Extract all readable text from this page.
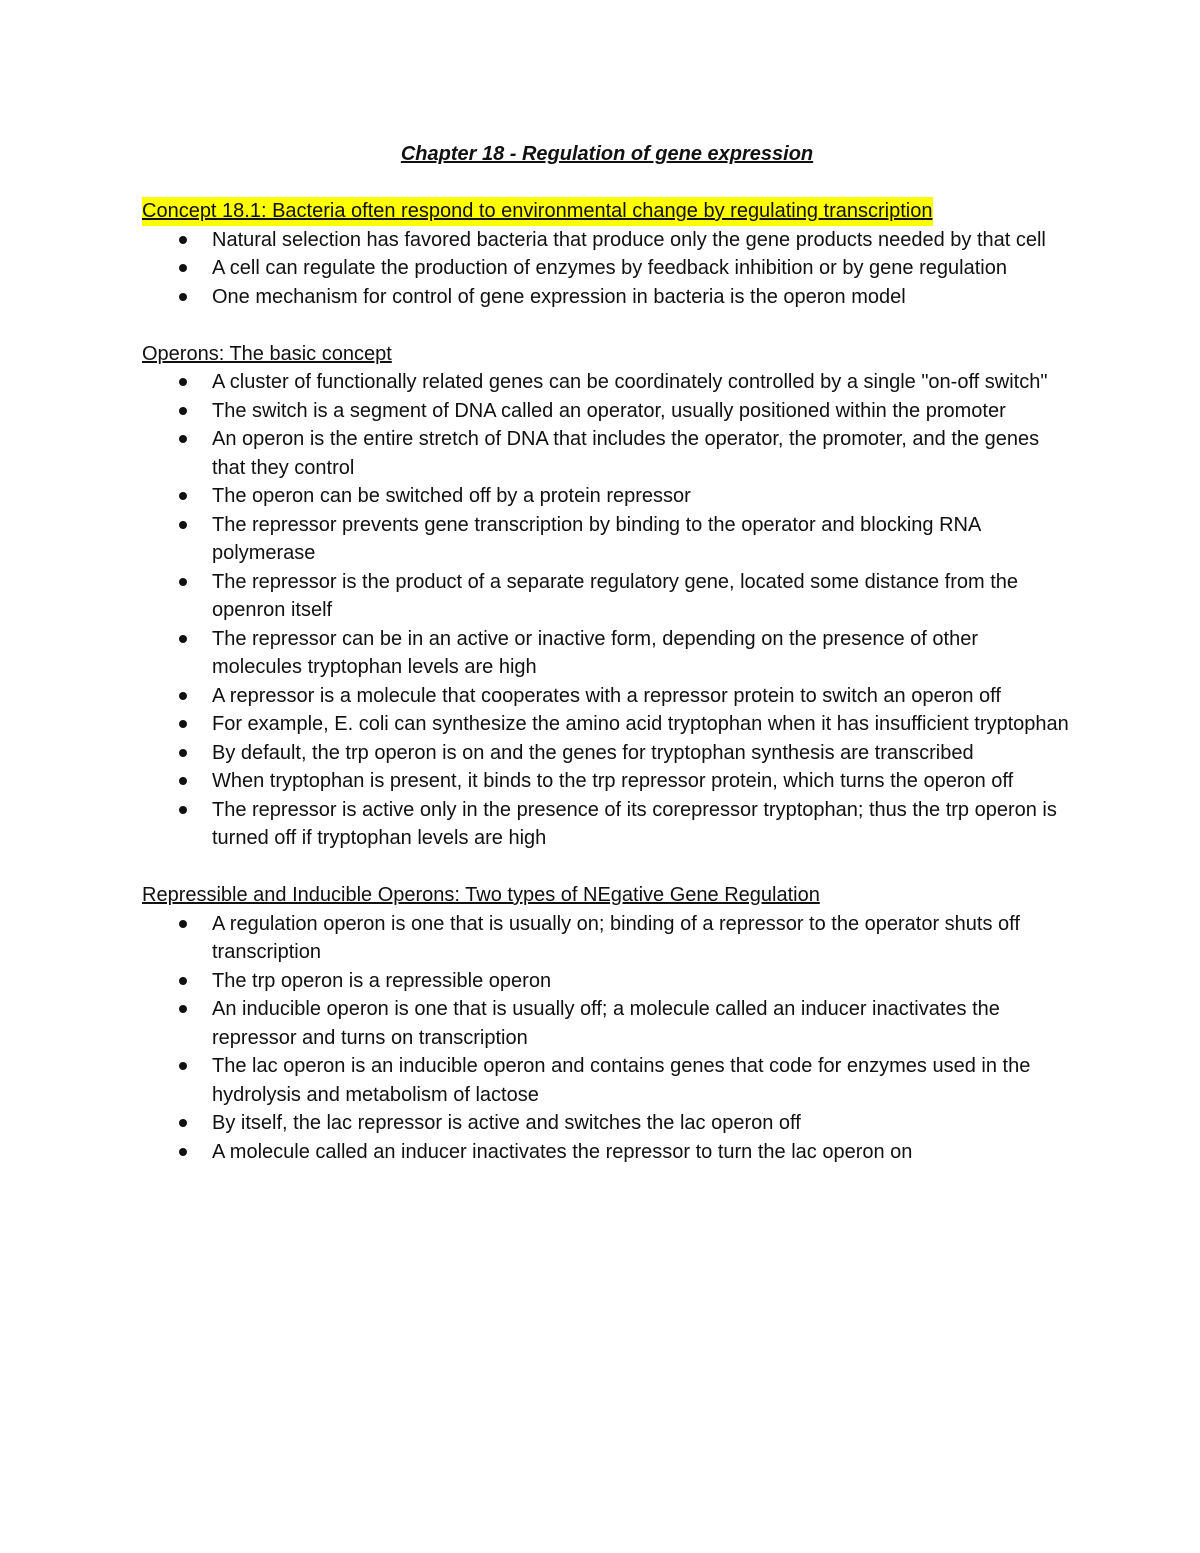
Chapter 18 - Regulation of gene expression
Concept 18.1: Bacteria often respond to environmental change by regulating transcription
Natural selection has favored bacteria that produce only the gene products needed by that cell
A cell can regulate the production of enzymes by feedback inhibition or by gene regulation
One mechanism for control of gene expression in bacteria is the operon model
Operons: The basic concept
A cluster of functionally related genes can be coordinately controlled by a single "on-off switch"
The switch is a segment of DNA called an operator, usually positioned within the promoter
An operon is the entire stretch of DNA that includes the operator, the promoter, and the genes that they control
The operon can be switched off by a protein repressor
The repressor prevents gene transcription by binding to the operator and blocking RNA polymerase
The repressor is the product of a separate regulatory gene, located some distance from the openron itself
The repressor can be in an active or inactive form, depending on the presence of other molecules tryptophan levels are high
A repressor is a molecule that cooperates with a repressor protein to switch an operon off
For example, E. coli can synthesize the amino acid tryptophan when it has insufficient tryptophan
By default, the trp operon is on and the genes for tryptophan synthesis are transcribed
When tryptophan is present, it binds to the trp repressor protein, which turns the operon off
The repressor is active only in the presence of its corepressor tryptophan; thus the trp operon is turned off if tryptophan levels are high
Repressible and Inducible Operons: Two types of NEgative Gene Regulation
A regulation operon is one that is usually on; binding of a repressor to the operator shuts off transcription
The trp operon is a repressible operon
An inducible operon is one that is usually off; a molecule called an inducer inactivates the repressor and turns on transcription
The lac operon is an inducible operon and contains genes that code for enzymes used in the hydrolysis and metabolism of lactose
By itself, the lac repressor is active and switches the lac operon off
A molecule called an inducer inactivates the repressor to turn the lac operon on
